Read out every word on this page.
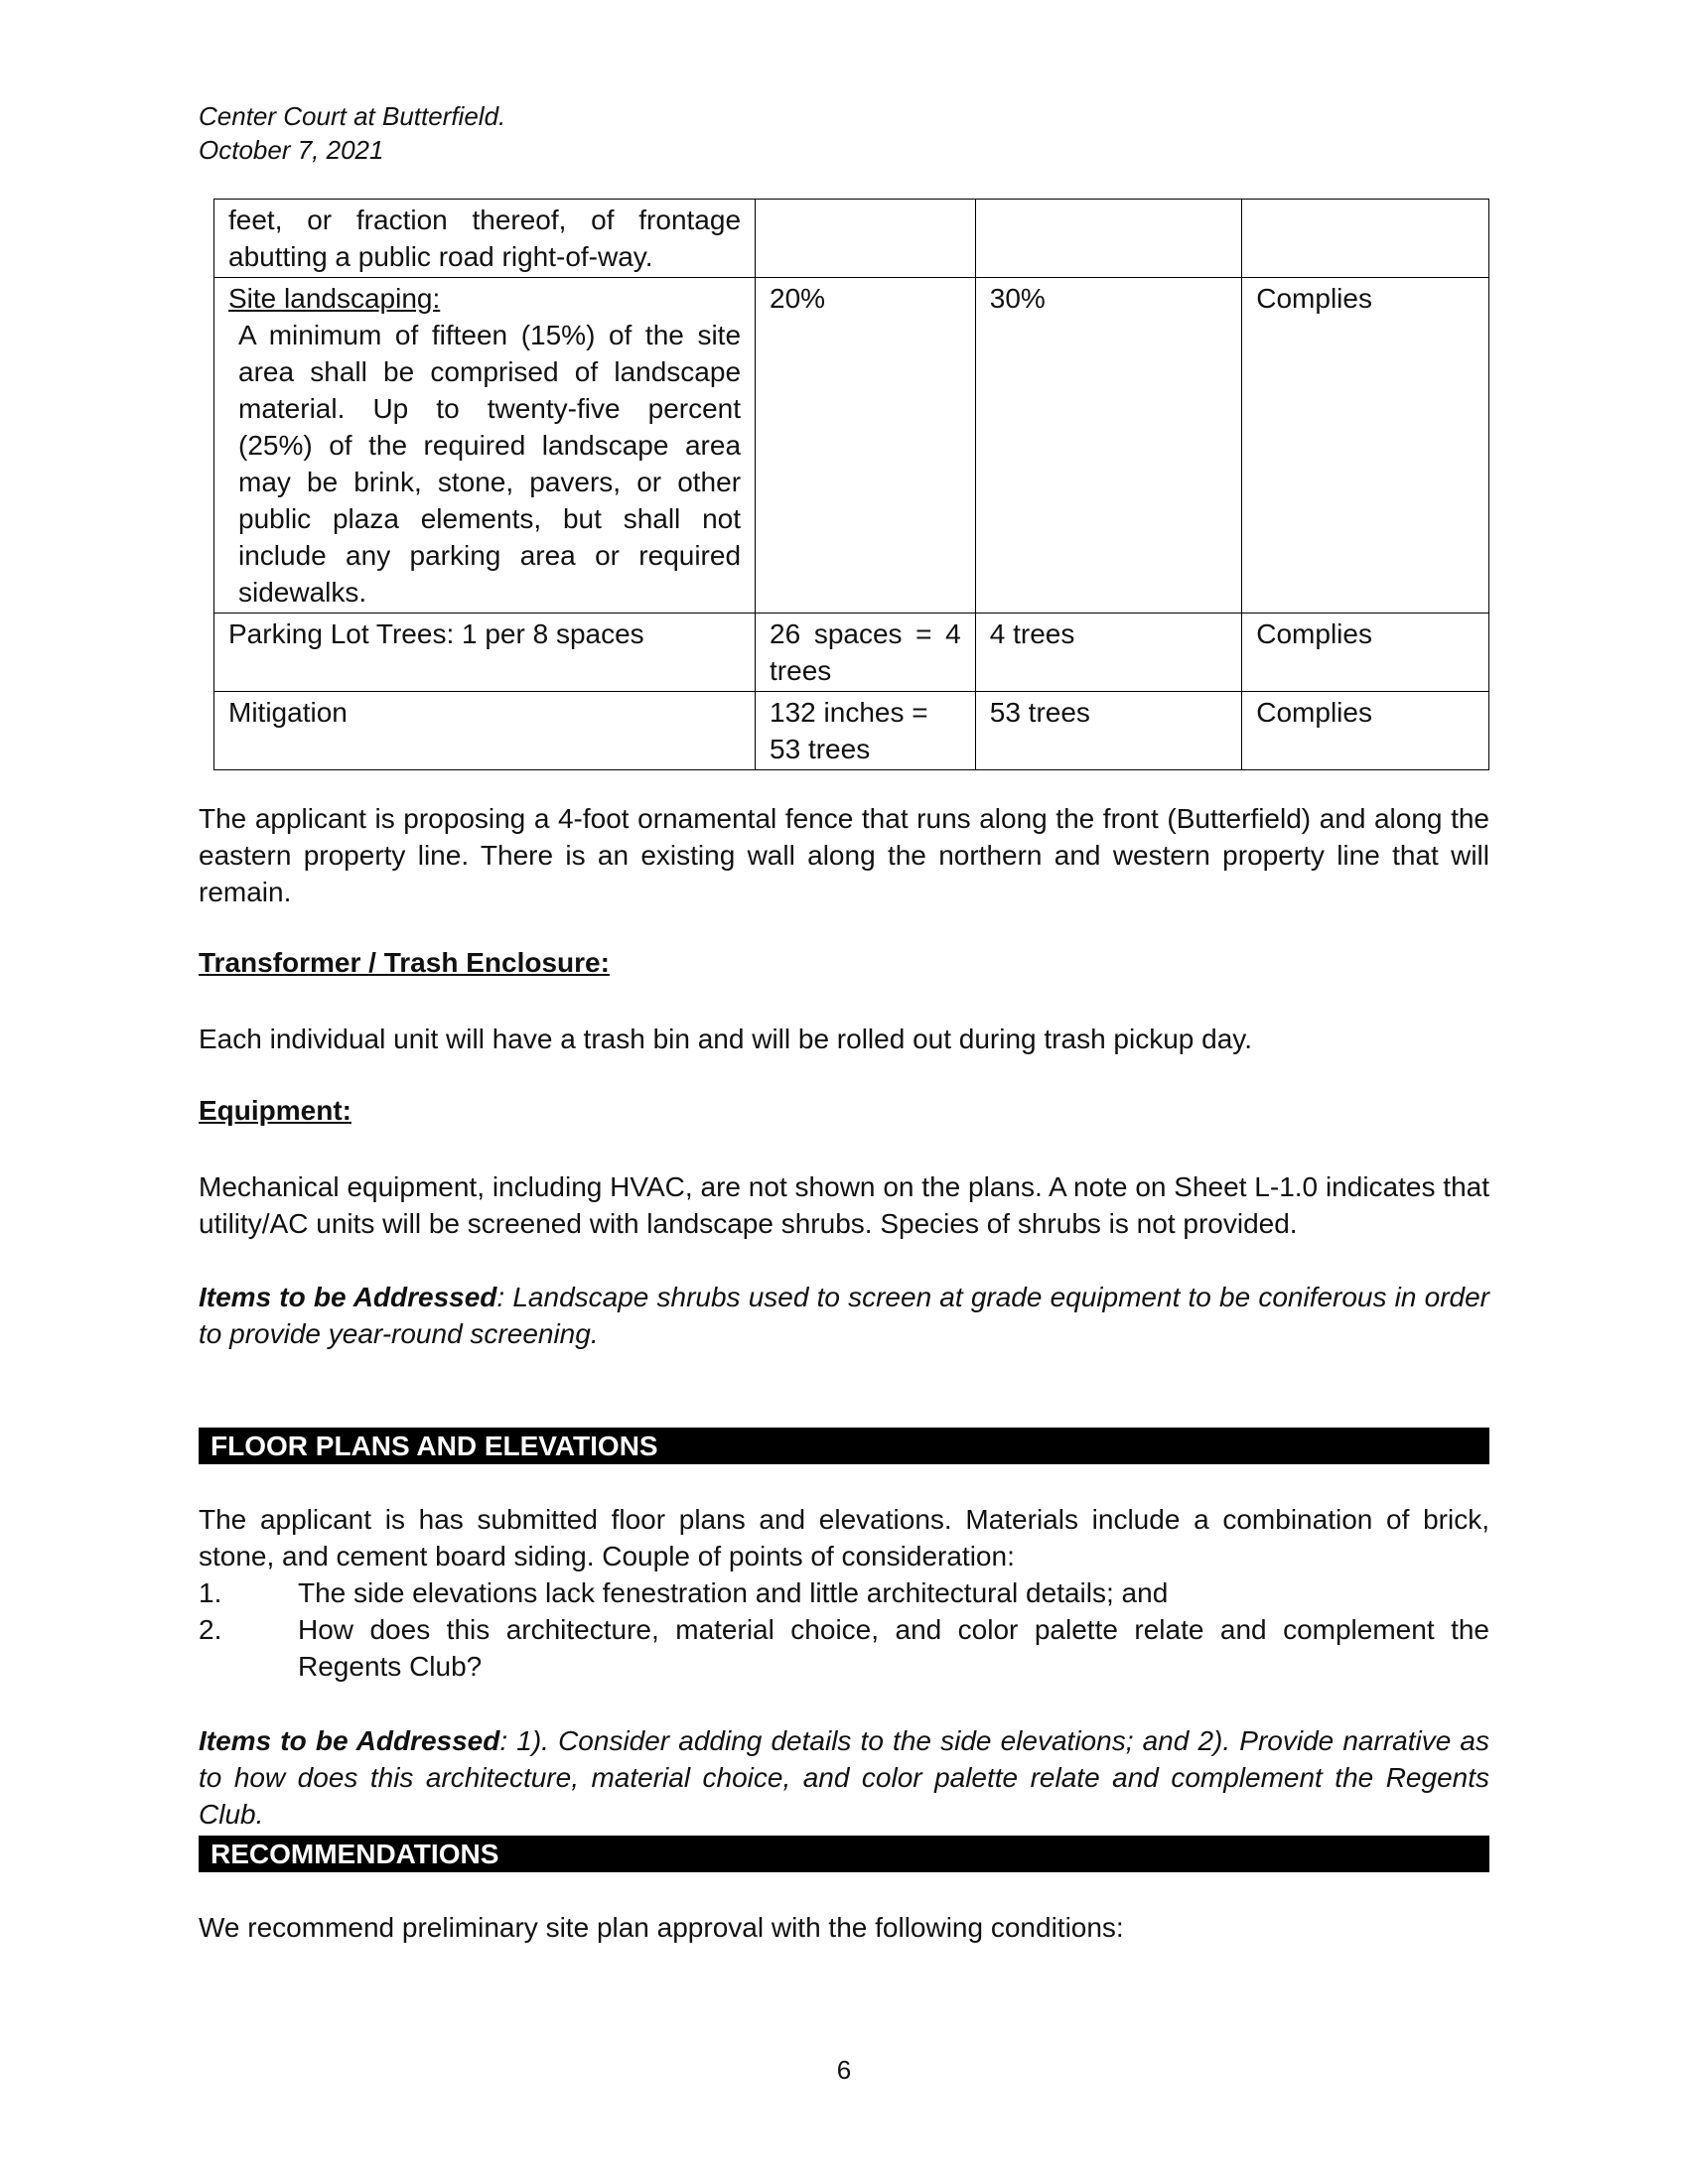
Center Court at Butterfield.
October 7, 2021
feet, or fraction thereof, of frontage abutting a public road right-of-way.			
Site landscaping:
A minimum of fifteen (15%) of the site area shall be comprised of landscape material. Up to twenty-five percent (25%) of the required landscape area may be brink, stone, pavers, or other public plaza elements, but shall not include any parking area or required sidewalks.	20%	30%	Complies
Parking Lot Trees: 1 per 8 spaces	26 spaces = 4 trees	4 trees	Complies
Mitigation	132 inches = 53 trees	53 trees	Complies
The applicant is proposing a 4-foot ornamental fence that runs along the front (Butterfield) and along the eastern property line. There is an existing wall along the northern and western property line that will remain.
Transformer / Trash Enclosure:
Each individual unit will have a trash bin and will be rolled out during trash pickup day.
Equipment:
Mechanical equipment, including HVAC, are not shown on the plans. A note on Sheet L-1.0 indicates that utility/AC units will be screened with landscape shrubs. Species of shrubs is not provided.
Items to be Addressed: Landscape shrubs used to screen at grade equipment to be coniferous in order to provide year-round screening.
FLOOR PLANS AND ELEVATIONS
The applicant is has submitted floor plans and elevations. Materials include a combination of brick, stone, and cement board siding. Couple of points of consideration:
1.	The side elevations lack fenestration and little architectural details; and
2.	How does this architecture, material choice, and color palette relate and complement the Regents Club?
Items to be Addressed: 1). Consider adding details to the side elevations; and 2). Provide narrative as to how does this architecture, material choice, and color palette relate and complement the Regents Club.
RECOMMENDATIONS
We recommend preliminary site plan approval with the following conditions:
6
